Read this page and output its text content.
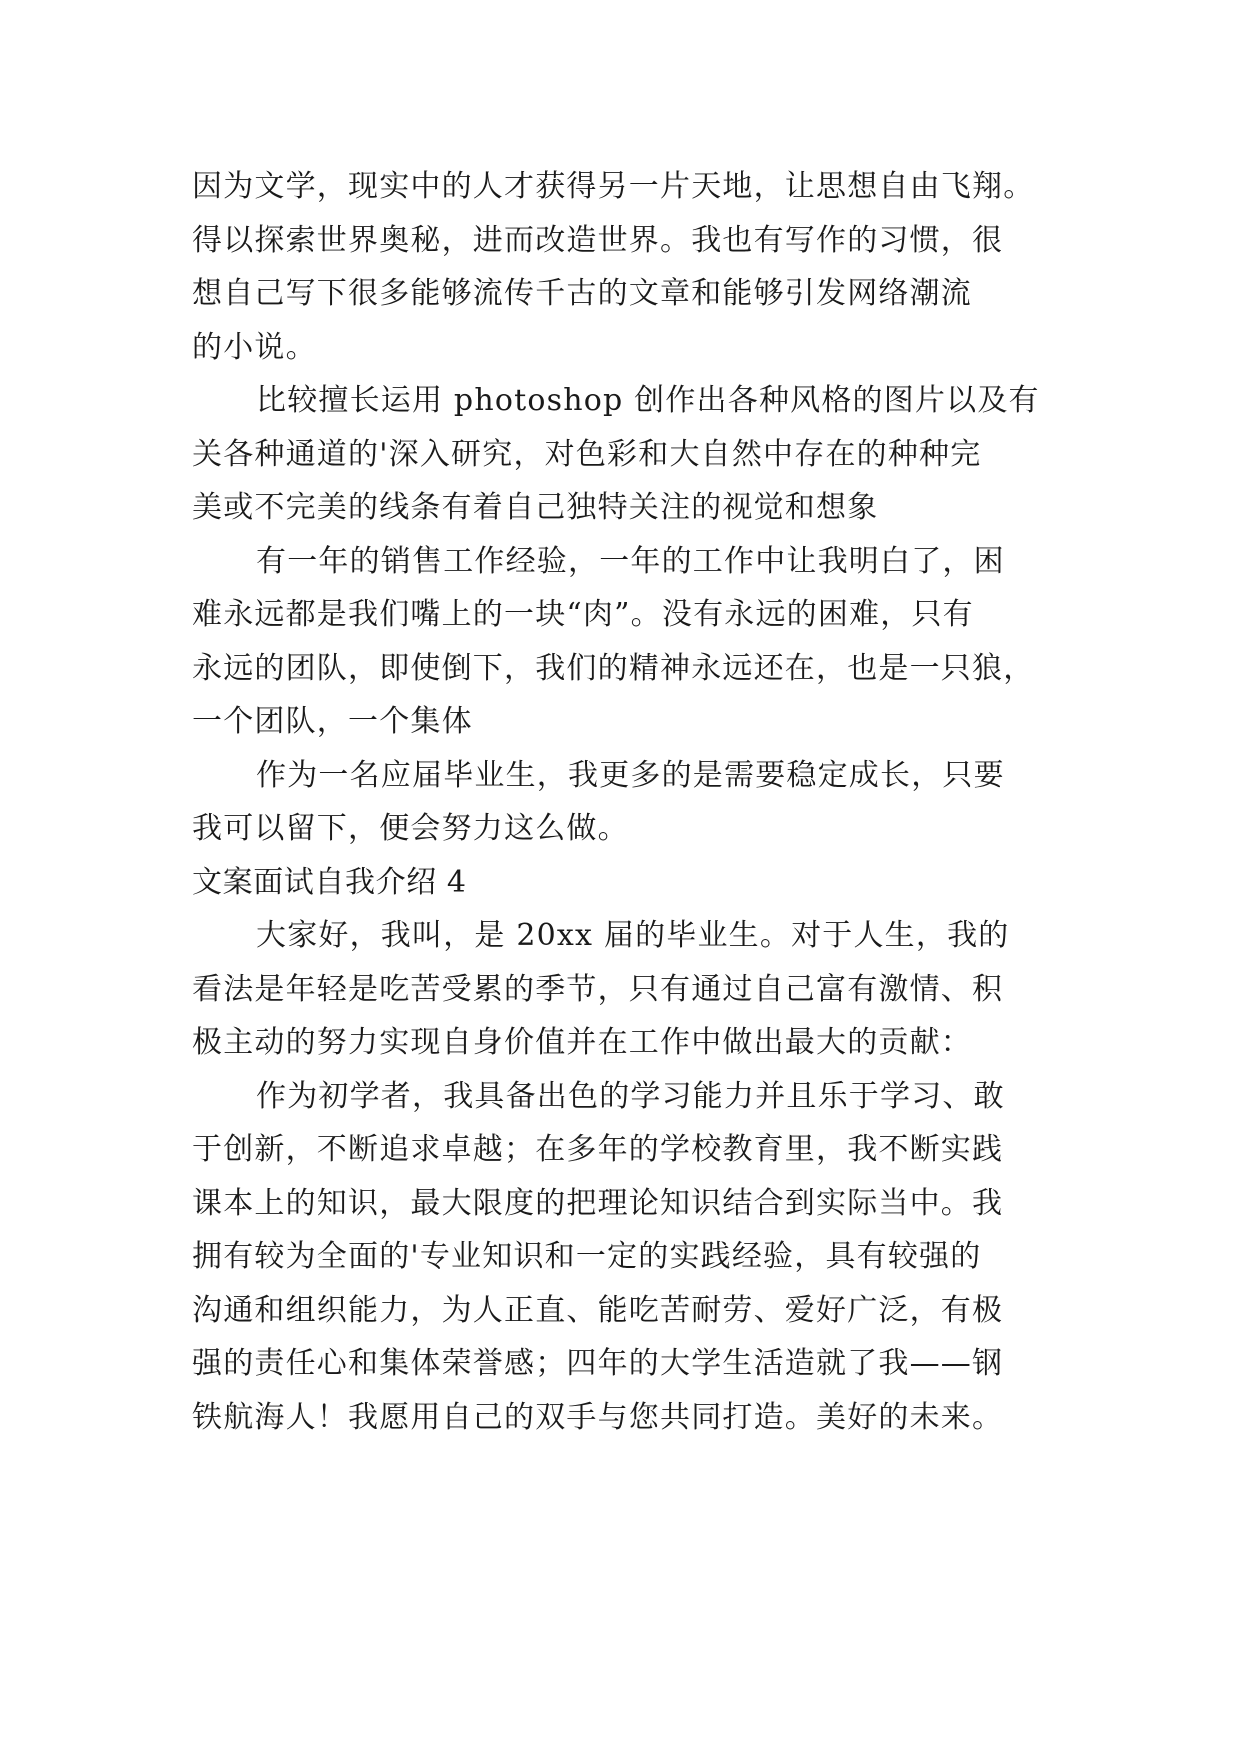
因为文学，现实中的人才获得另一片天地，让思想自由飞翔。
得以探索世界奥秘，进而改造世界。我也有写作的习惯，很
想自己写下很多能够流传千古的文章和能够引发网络潮流
的小说。
比较擅长运用 photoshop 创作出各种风格的图片以及有
关各种通道的'深入研究，对色彩和大自然中存在的种种完
美或不完美的线条有着自己独特关注的视觉和想象
有一年的销售工作经验，一年的工作中让我明白了，困
难永远都是我们嘴上的一块“肉”。没有永远的困难，只有
永远的团队，即使倒下，我们的精神永远还在，也是一只狼，
一个团队，一个集体
作为一名应届毕业生，我更多的是需要稳定成长，只要
我可以留下，便会努力这么做。
文案面试自我介绍 4
大家好，我叫，是 20xx 届的毕业生。对于人生，我的
看法是年轻是吃苦受累的季节，只有通过自己富有激情、积
极主动的努力实现自身价值并在工作中做出最大的贡献：
作为初学者，我具备出色的学习能力并且乐于学习、敢
于创新，不断追求卓越；在多年的学校教育里，我不断实践
课本上的知识，最大限度的把理论知识结合到实际当中。我
拥有较为全面的'专业知识和一定的实践经验，具有较强的
沟通和组织能力，为人正直、能吃苦耐劳、爱好广泛，有极
强的责任心和集体荣誉感；四年的大学生活造就了我——钢
铁航海人！我愿用自己的双手与您共同打造。美好的未来。
